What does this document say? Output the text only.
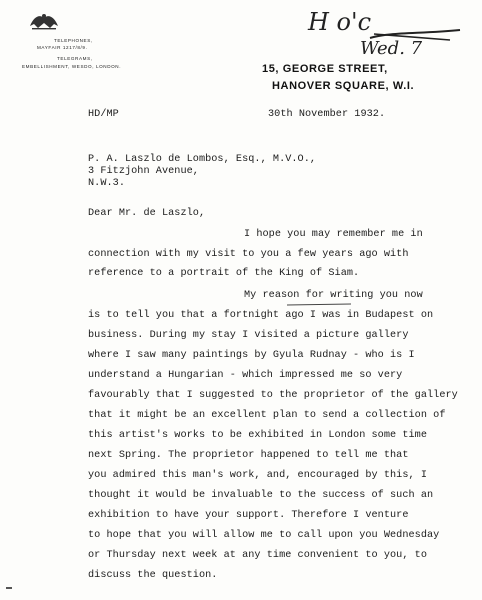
TELEPHONES,
MAYFAIR 1217/8/9.
TELEGRAMS,
EMBELLISHMENT, WESDO, LONDON.	15, GEORGE STREET,
HANOVER SQUARE, W.I.
H o'c
Wed. 7
HD/MP	30th November 1932.
P. A. Laszlo de Lombos, Esq., M.V.O.,
3 Fitzjohn Avenue,
N.W.3.
Dear Mr. de Laszlo,
I hope you may remember me in
connection with my visit to you a few years ago with
reference to a portrait of the King of Siam.
My reason for writing you now
is to tell you that a fortnight ago I was in Budapest on
business. During my stay I visited a picture gallery
where I saw many paintings by Gyula Rudnay - who is I
understand a Hungarian - which impressed me so very
favourably that I suggested to the proprietor of the gallery
that it might be an excellent plan to send a collection of
this artist's works to be exhibited in London some time
next Spring. The proprietor happened to tell me that
you admired this man's work, and, encouraged by this, I
thought it would be invaluable to the success of such an
exhibition to have your support. Therefore I venture
to hope that you will allow me to call upon you Wednesday
or Thursday next week at any time convenient to you, to
discuss the question.
